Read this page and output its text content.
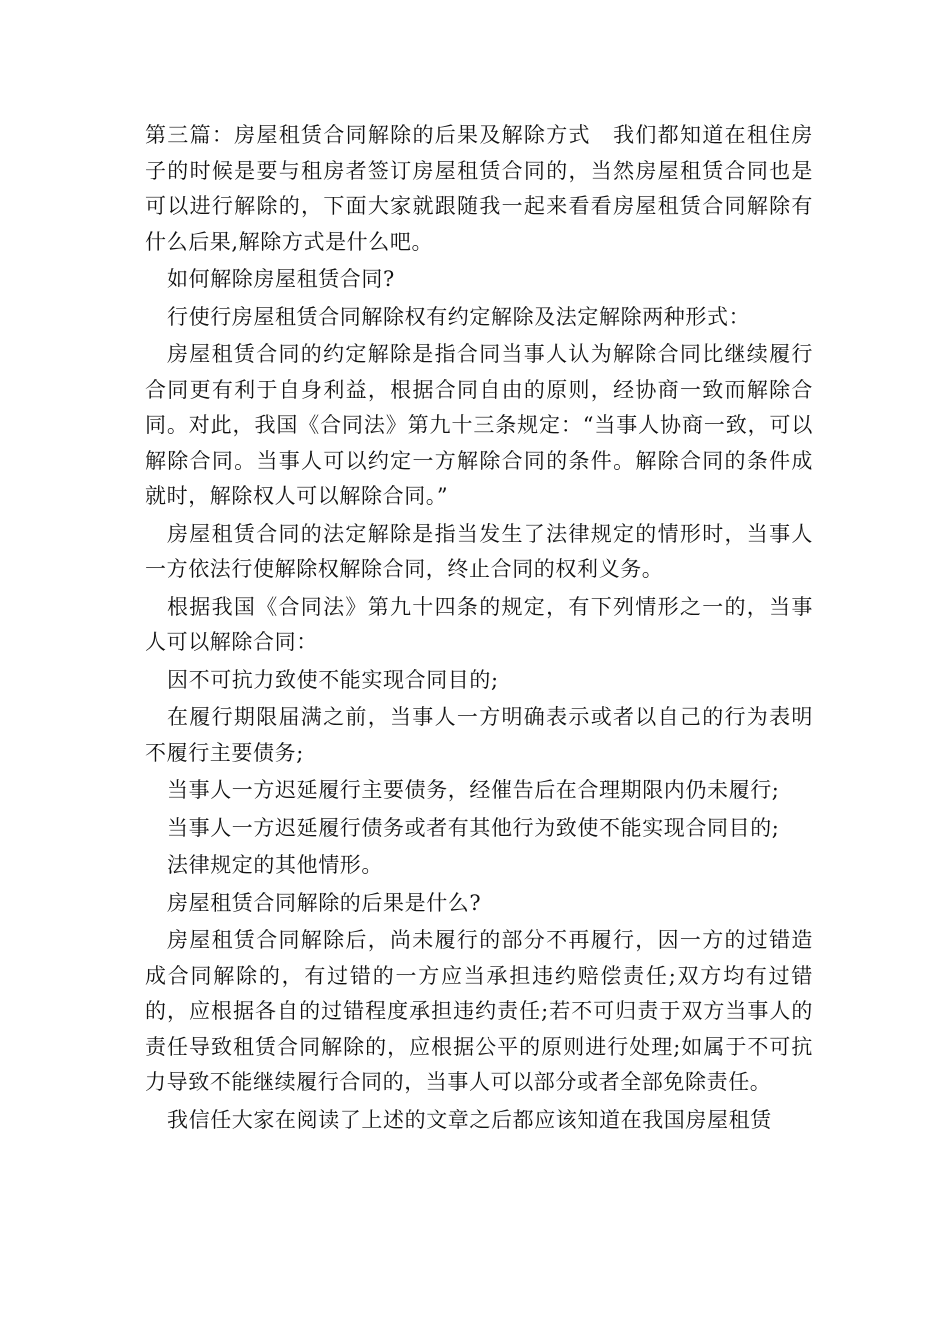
第三篇：房屋租赁合同解除的后果及解除方式　我们都知道在租住房子的时候是要与租房者签订房屋租赁合同的，当然房屋租赁合同也是可以进行解除的，下面大家就跟随我一起来看看房屋租赁合同解除有什么后果,解除方式是什么吧。

如何解除房屋租赁合同?

行使行房屋租赁合同解除权有约定解除及法定解除两种形式：

房屋租赁合同的约定解除是指合同当事人认为解除合同比继续履行合同更有利于自身利益，根据合同自由的原则，经协商一致而解除合同。对此，我国《合同法》第九十三条规定：“当事人协商一致，可以解除合同。当事人可以约定一方解除合同的条件。解除合同的条件成就时，解除权人可以解除合同。”

房屋租赁合同的法定解除是指当发生了法律规定的情形时，当事人一方依法行使解除权解除合同，终止合同的权利义务。

根据我国《合同法》第九十四条的规定，有下列情形之一的，当事人可以解除合同：

因不可抗力致使不能实现合同目的;

在履行期限届满之前，当事人一方明确表示或者以自己的行为表明不履行主要债务;

当事人一方迟延履行主要债务，经催告后在合理期限内仍未履行;

当事人一方迟延履行债务或者有其他行为致使不能实现合同目的;

法律规定的其他情形。

房屋租赁合同解除的后果是什么?

房屋租赁合同解除后，尚未履行的部分不再履行，因一方的过错造成合同解除的，有过错的一方应当承担违约赔偿责任;双方均有过错的，应根据各自的过错程度承担违约责任;若不可归责于双方当事人的责任导致租赁合同解除的，应根据公平的原则进行处理;如属于不可抗力导致不能继续履行合同的，当事人可以部分或者全部免除责任。

我信任大家在阅读了上述的文章之后都应该知道在我国房屋租赁
